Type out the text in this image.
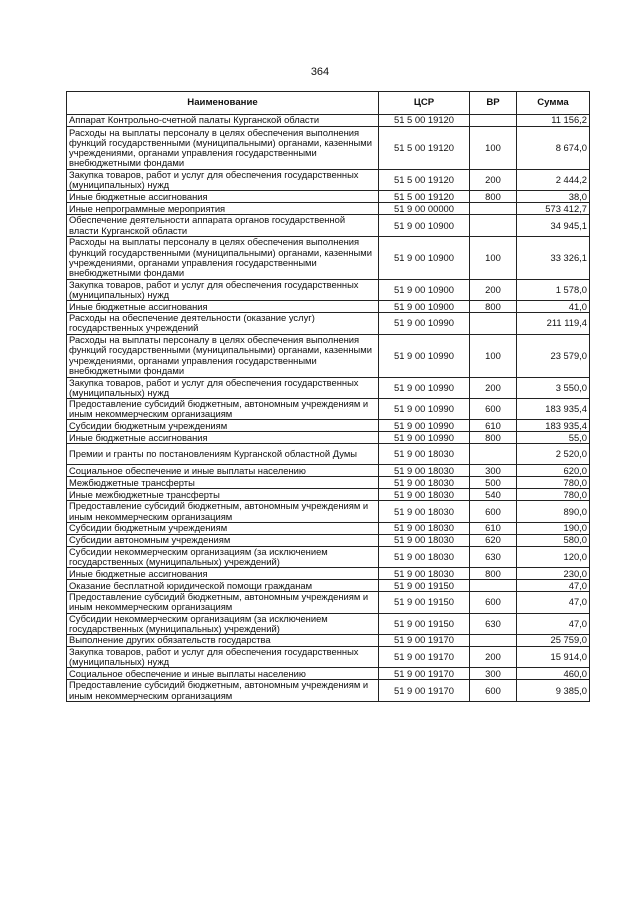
364
Наименование	ЦСР	ВР	Сумма
Аппарат Контрольно-счетной палаты Курганской области	51 5 00 19120		11 156,2
Расходы на выплаты персоналу в целях обеспечения выполнения функций государственными (муниципальными) органами, казенными учреждениями, органами управления государственными внебюджетными фондами	51 5 00 19120	100	8 674,0
Закупка товаров, работ и услуг для обеспечения государственных (муниципальных) нужд	51 5 00 19120	200	2 444,2
Иные бюджетные ассигнования	51 5 00 19120	800	38,0
Иные непрограммные мероприятия	51 9 00 00000		573 412,7
Обеспечение деятельности аппарата органов государственной власти Курганской области	51 9 00 10900		34 945,1
Расходы на выплаты персоналу в целях обеспечения выполнения функций государственными (муниципальными) органами, казенными учреждениями, органами управления государственными внебюджетными фондами	51 9 00 10900	100	33 326,1
Закупка товаров, работ и услуг для обеспечения государственных (муниципальных) нужд	51 9 00 10900	200	1 578,0
Иные бюджетные ассигнования	51 9 00 10900	800	41,0
Расходы на обеспечение деятельности (оказание услуг) государственных учреждений	51 9 00 10990		211 119,4
Расходы на выплаты персоналу в целях обеспечения выполнения функций государственными (муниципальными) органами, казенными учреждениями, органами управления государственными внебюджетными фондами	51 9 00 10990	100	23 579,0
Закупка товаров, работ и услуг для обеспечения государственных (муниципальных) нужд	51 9 00 10990	200	3 550,0
Предоставление субсидий бюджетным, автономным учреждениям и иным некоммерческим организациям	51 9 00 10990	600	183 935,4
Субсидии бюджетным учреждениям	51 9 00 10990	610	183 935,4
Иные бюджетные ассигнования	51 9 00 10990	800	55,0
Премии и гранты по постановлениям Курганской областной Думы	51 9 00 18030		2 520,0
Социальное обеспечение и иные выплаты населению	51 9 00 18030	300	620,0
Межбюджетные трансферты	51 9 00 18030	500	780,0
Иные межбюджетные трансферты	51 9 00 18030	540	780,0
Предоставление субсидий бюджетным, автономным учреждениям и иным некоммерческим организациям	51 9 00 18030	600	890,0
Субсидии бюджетным учреждениям	51 9 00 18030	610	190,0
Субсидии автономным учреждениям	51 9 00 18030	620	580,0
Субсидии некоммерческим организациям (за исключением государственных (муниципальных) учреждений)	51 9 00 18030	630	120,0
Иные бюджетные ассигнования	51 9 00 18030	800	230,0
Оказание бесплатной юридической помощи гражданам	51 9 00 19150		47,0
Предоставление субсидий бюджетным, автономным учреждениям и иным некоммерческим организациям	51 9 00 19150	600	47,0
Субсидии некоммерческим организациям (за исключением государственных (муниципальных) учреждений)	51 9 00 19150	630	47,0
Выполнение других обязательств государства	51 9 00 19170		25 759,0
Закупка товаров, работ и услуг для обеспечения государственных (муниципальных) нужд	51 9 00 19170	200	15 914,0
Социальное обеспечение и иные выплаты населению	51 9 00 19170	300	460,0
Предоставление субсидий бюджетным, автономным учреждениям и иным некоммерческим организациям	51 9 00 19170	600	9 385,0
